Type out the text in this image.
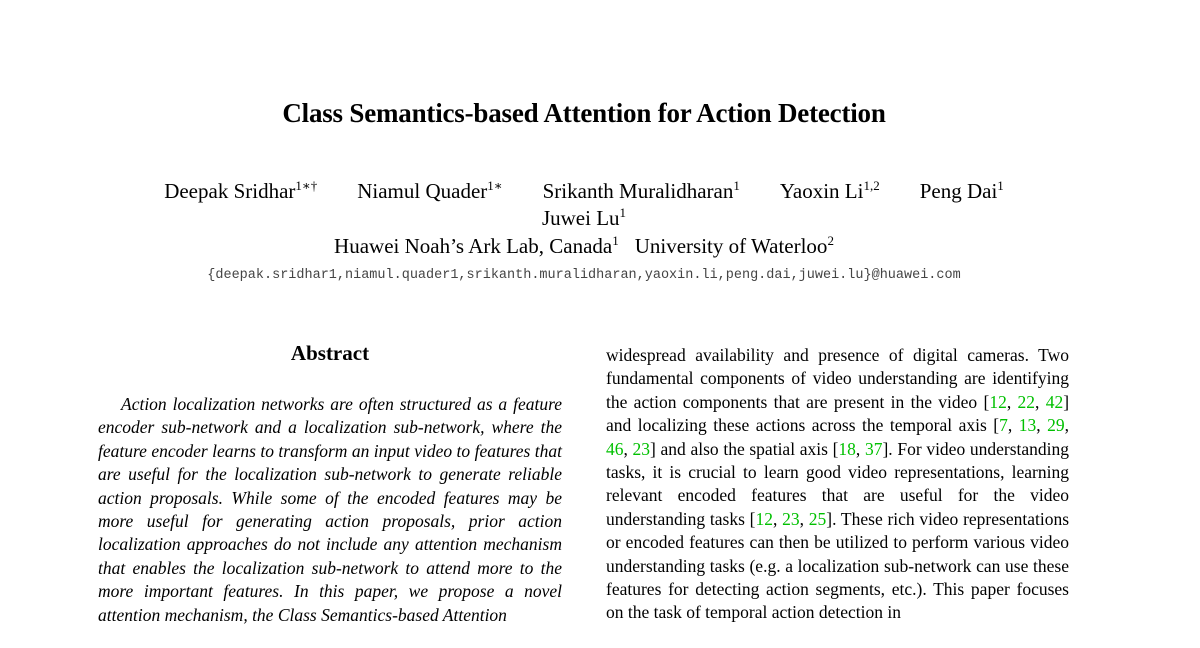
Class Semantics-based Attention for Action Detection
Deepak Sridhar$^{1∗\dagger}$ Niamul Quader$^{1∗}$ Srikanth Muralidharan$^1$ Yaoxin Li$^{1,2}$ Peng Dai$^1$
Juwei Lu$^1$
Huawei Noah’s Ark Lab, Canada$^1$ University of Waterloo$^2$
{deepak.sridhar1,niamul.quader1,srikanth.muralidharan,yaoxin.li,peng.dai,juwei.lu}@huawei.com
Abstract

Action localization networks are often structured as a feature encoder sub-network and a localization sub-network, where the feature encoder learns to transform an input video to features that are useful for the localization sub-network to generate reliable action proposals. While some of the encoded features may be more useful for generating action proposals, prior action localization approaches do not include any attention mechanism that enables the localization sub-network to attend more to the more important features. In this paper, we propose a novel attention mechanism, the Class Semantics-based Attention

widespread availability and presence of digital cameras. Two fundamental components of video understanding are identifying the action components that are present in the video [12, 22, 42] and localizing these actions across the temporal axis [7, 13, 29, 46, 23] and also the spatial axis [18, 37]. For video understanding tasks, it is crucial to learn good video representations, learning relevant encoded features that are useful for the video understanding tasks [12, 23, 25]. These rich video representations or encoded features can then be utilized to perform various video understanding tasks (e.g. a localization sub-network can use these features for detecting action segments, etc.). This paper focuses on the task of temporal action detection in
